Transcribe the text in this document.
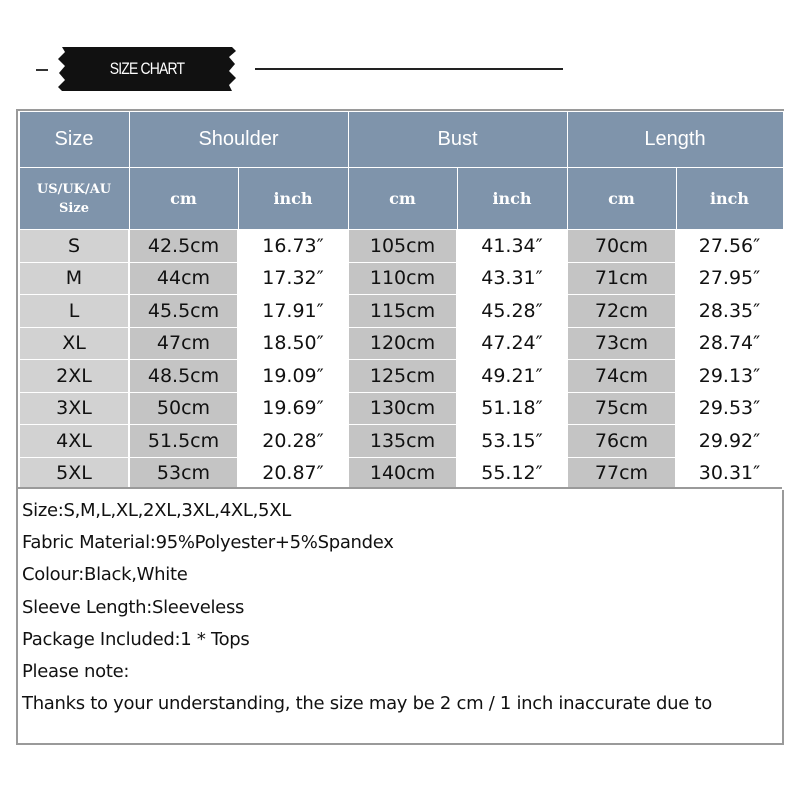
SIZE CHART
Size	Shoulder		Bust		Length	
US/UK/AU
Size	cm	inch	cm	inch	cm	inch
S	42.5cm	16.73″	105cm	41.34″	70cm	27.56″
M	44cm	17.32″	110cm	43.31″	71cm	27.95″
L	45.5cm	17.91″	115cm	45.28″	72cm	28.35″
XL	47cm	18.50″	120cm	47.24″	73cm	28.74″
2XL	48.5cm	19.09″	125cm	49.21″	74cm	29.13″
3XL	50cm	19.69″	130cm	51.18″	75cm	29.53″
4XL	51.5cm	20.28″	135cm	53.15″	76cm	29.92″
5XL	53cm	20.87″	140cm	55.12″	77cm	30.31″
Size:S,M,L,XL,2XL,3XL,4XL,5XL
Fabric Material:95%Polyester+5%Spandex
Colour:Black,White
Sleeve Length:Sleeveless
Package Included:1 * Tops
Please note:
Thanks to your understanding, the size may be 2 cm / 1 inch inaccurate due to
